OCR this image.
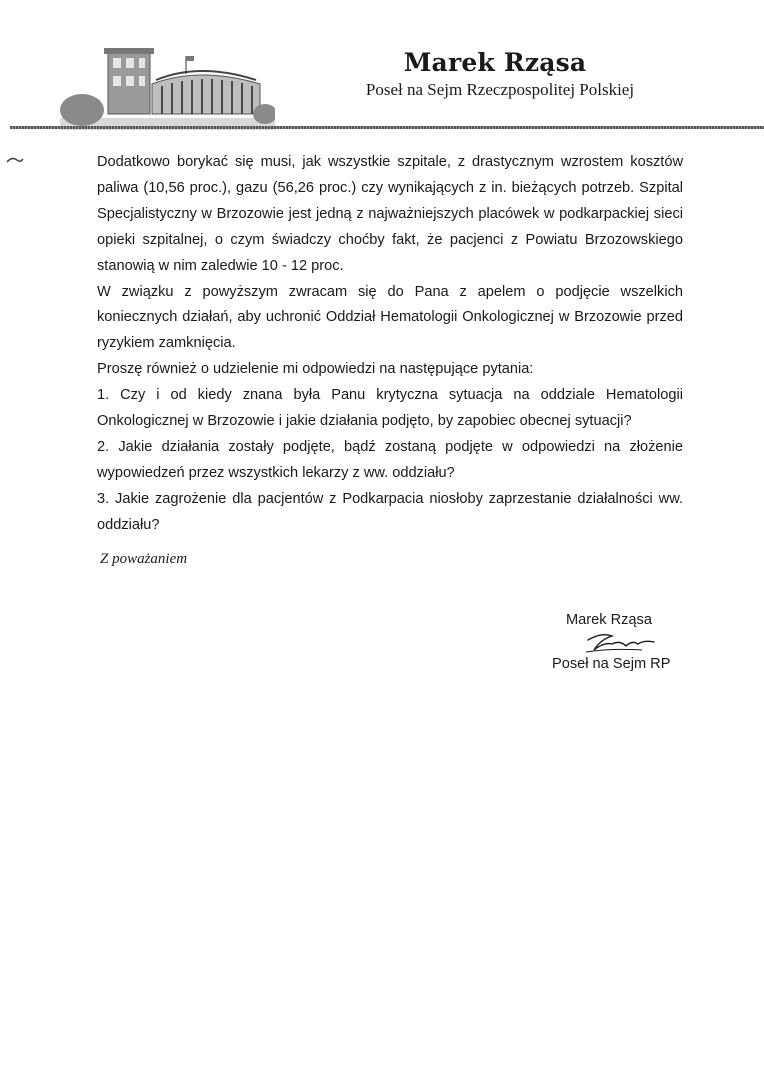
Marek Rząsa
Poseł na Sejm Rzeczpospolitej Polskiej

Dodatkowo borykać się musi, jak wszystkie szpitale, z drastycznym wzrostem kosztów paliwa (10,56 proc.), gazu (56,26 proc.) czy wynikających z in. bieżących potrzeb. Szpital Specjalistyczny w Brzozowie jest jedną z najważniejszych placówek w podkarpackiej sieci opieki szpitalnej, o czym świadczy choćby fakt, że pacjenci z Powiatu Brzozowskiego stanowią w nim zaledwie 10 - 12 proc.

W związku z powyższym zwracam się do Pana z apelem o podjęcie wszelkich koniecznych działań, aby uchronić Oddział Hematologii Onkologicznej w Brzozowie przed ryzykiem zamknięcia.

Proszę również o udzielenie mi odpowiedzi na następujące pytania:

1. Czy i od kiedy znana była Panu krytyczna sytuacja na oddziale Hematologii Onkologicznej w Brzozowie i jakie działania podjęto, by zapobiec obecnej sytuacji?

2. Jakie działania zostały podjęte, bądź zostaną podjęte w odpowiedzi na złożenie wypowiedzeń przez wszystkich lekarzy z ww. oddziału?

3. Jakie zagrożenie dla pacjentów z Podkarpacia niosłoby zaprzestanie działalności ww. oddziału?

Z poważaniem
Marek Rząsa
Poseł na Sejm RP
